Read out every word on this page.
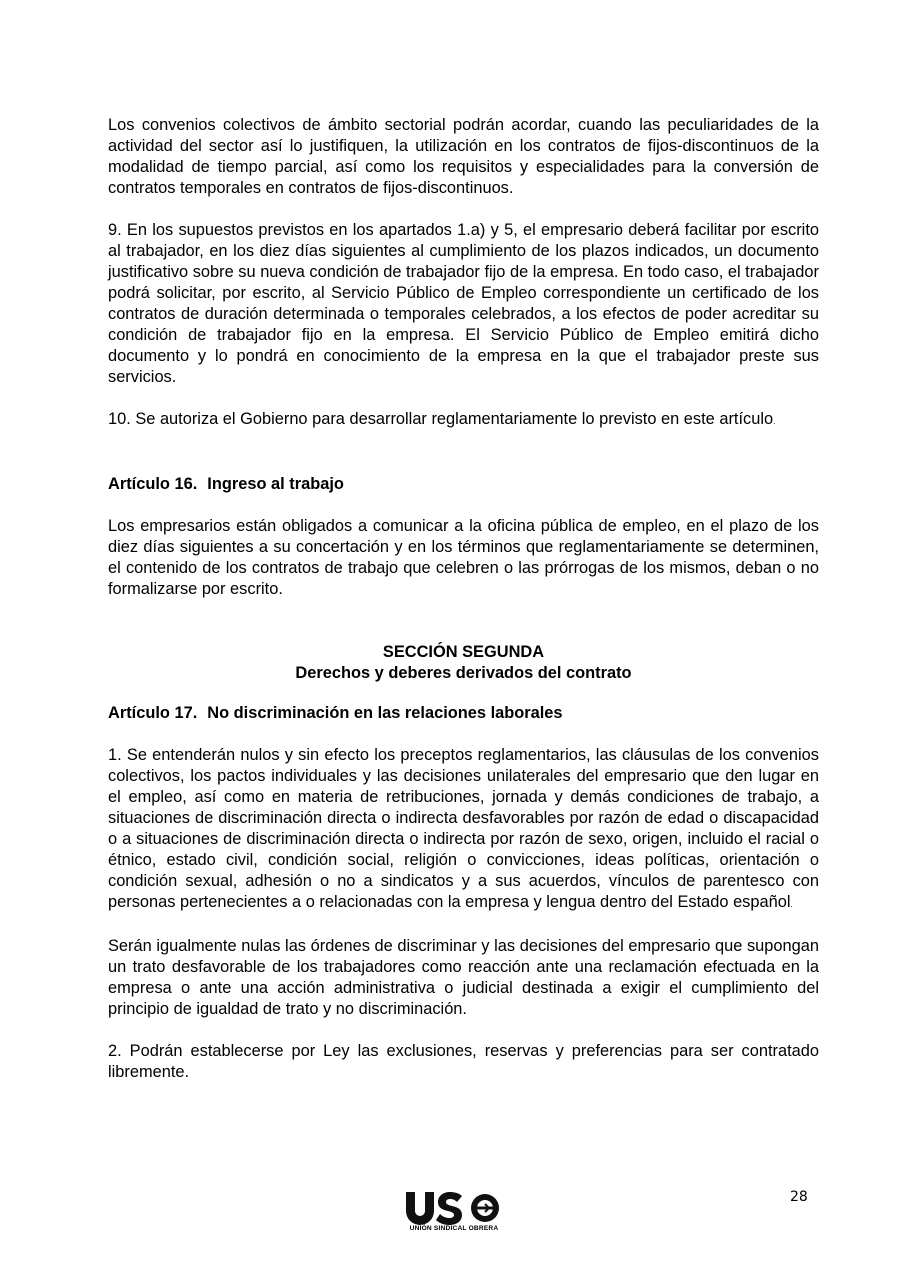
Los convenios colectivos de ámbito sectorial podrán acordar, cuando las peculiaridades de la actividad del sector así lo justifiquen, la utilización en los contratos de fijos-discontinuos de la modalidad de tiempo parcial, así como los requisitos y especialidades para la conversión de contratos temporales en contratos de fijos-discontinuos.

9. En los supuestos previstos en los apartados 1.a) y 5, el empresario deberá facilitar por escrito al trabajador, en los diez días siguientes al cumplimiento de los plazos indicados, un documento justificativo sobre su nueva condición de trabajador fijo de la empresa. En todo caso, el trabajador podrá solicitar, por escrito, al Servicio Público de Empleo correspondiente un certificado de los contratos de duración determinada o temporales celebrados, a los efectos de poder acreditar su condición de trabajador fijo en la empresa. El Servicio Público de Empleo emitirá dicho documento y lo pondrá en conocimiento de la empresa en la que el trabajador preste sus servicios.

10. Se autoriza el Gobierno para desarrollar reglamentariamente lo previsto en este artículo.

Artículo 16. Ingreso al trabajo

Los empresarios están obligados a comunicar a la oficina pública de empleo, en el plazo de los diez días siguientes a su concertación y en los términos que reglamentariamente se determinen, el contenido de los contratos de trabajo que celebren o las prórrogas de los mismos, deban o no formalizarse por escrito.

SECCIÓN SEGUNDA
Derechos y deberes derivados del contrato
Artículo 17. No discriminación en las relaciones laborales

1. Se entenderán nulos y sin efecto los preceptos reglamentarios, las cláusulas de los convenios colectivos, los pactos individuales y las decisiones unilaterales del empresario que den lugar en el empleo, así como en materia de retribuciones, jornada y demás condiciones de trabajo, a situaciones de discriminación directa o indirecta desfavorables por razón de edad o discapacidad o a situaciones de discriminación directa o indirecta por razón de sexo, origen, incluido el racial o étnico, estado civil, condición social, religión o convicciones, ideas políticas, orientación o condición sexual, adhesión o no a sindicatos y a sus acuerdos, vínculos de parentesco con personas pertenecientes a o relacionadas con la empresa y lengua dentro del Estado español.

Serán igualmente nulas las órdenes de discriminar y las decisiones del empresario que supongan un trato desfavorable de los trabajadores como reacción ante una reclamación efectuada en la empresa o ante una acción administrativa o judicial destinada a exigir el cumplimiento del principio de igualdad de trato y no discriminación.

2. Podrán establecerse por Ley las exclusiones, reservas y preferencias para ser contratado libremente.

UNIÓN SINDICAL OBRERA
28
